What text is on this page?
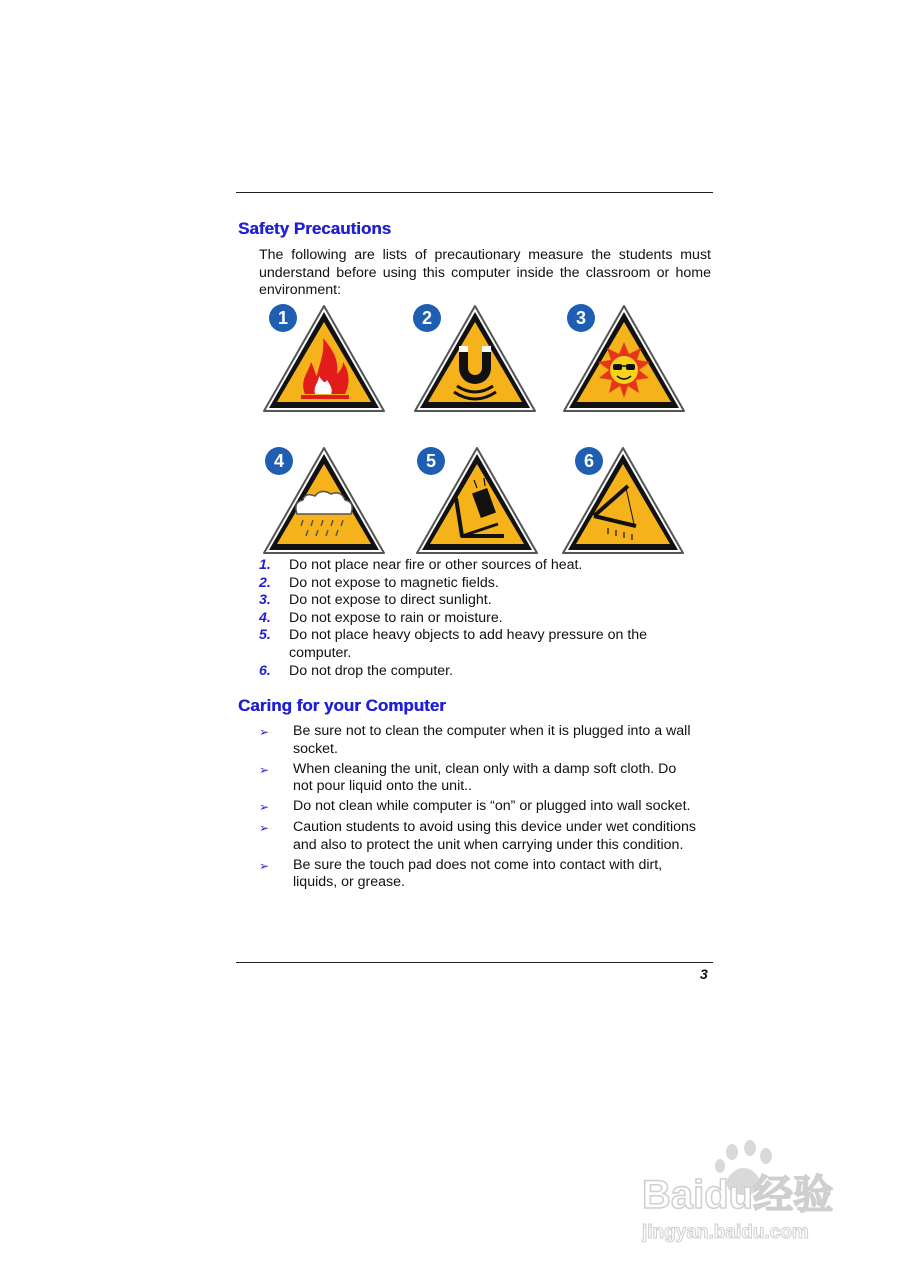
Safety Precautions

The following are lists of precautionary measure the students must understand before using this computer inside the classroom or home environment:

1	2	3
4	5	6
1.	Do not place near fire or other sources of heat.
2.	Do not expose to magnetic fields.
3.	Do not expose to direct sunlight.
4.	Do not expose to rain or moisture.
5.	Do not place heavy objects to add heavy pressure on the computer.
6.	Do not drop the computer.
Caring for your Computer
➢	Be sure not to clean the computer when it is plugged into a wall socket.
➢	When cleaning the unit, clean only with a damp soft cloth. Do not pour liquid onto the unit..
➢	Do not clean while computer is “on” or plugged into wall socket.
➢	Caution students to avoid using this device under wet conditions and also to protect the unit when carrying under this condition.
➢	Be sure the touch pad does not come into contact with dirt, liquids, or grease.
3
Baidu经验
jingyan.baidu.com
